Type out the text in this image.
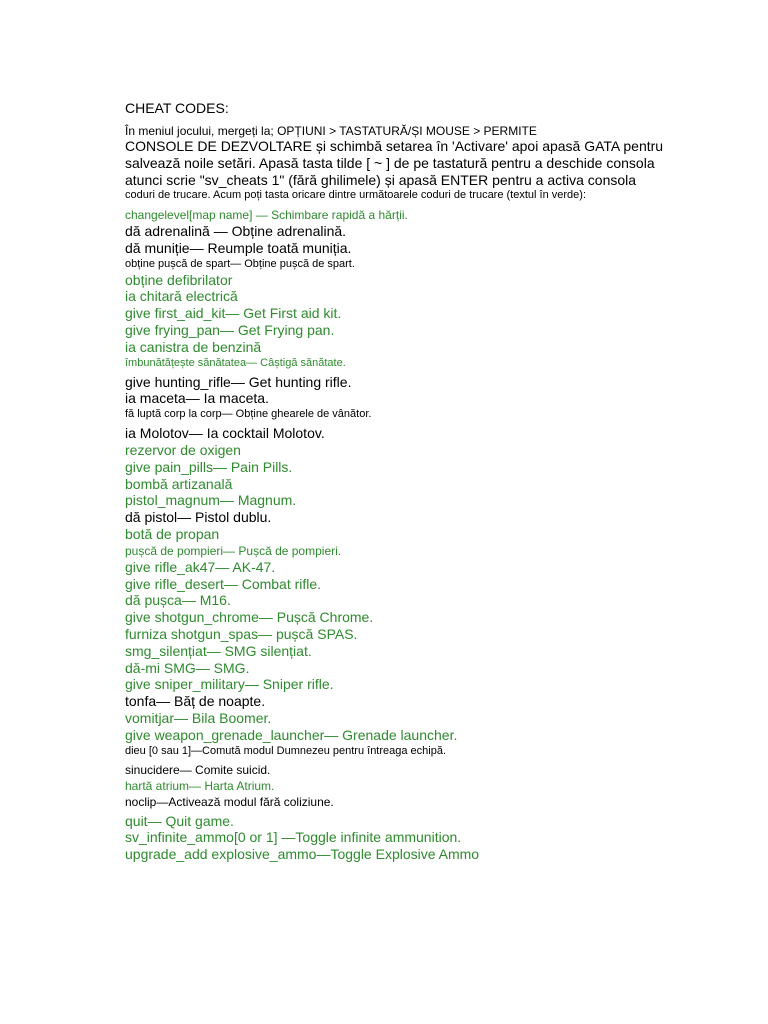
CHEAT CODES:
În meniul jocului, mergeți la; OPȚIUNI > TASTATURĂ/ȘI MOUSE > PERMITE
CONSOLE DE DEZVOLTARE și schimbă setarea în 'Activare' apoi apasă GATA pentru
salvează noile setări. Apasă tasta tilde [ ~ ] de pe tastatură pentru a deschide consola
atunci scrie "sv_cheats 1" (fără ghilimele) și apasă ENTER pentru a activa consola
coduri de trucare. Acum poți tasta oricare dintre următoarele coduri de trucare (textul în verde):
changelevel[map name] — Schimbare rapidă a hărții.
dă adrenalină — Obține adrenalină.
dă muniție— Reumple toată muniția.
obține pușcă de spart— Obține pușcă de spart.
obține defibrilator
ia chitară electrică
give first_aid_kit— Get First aid kit.
give frying_pan— Get Frying pan.
ia canistra de benzină
îmbunătățește sănătatea— Câștigă sănătate.
give hunting_rifle— Get hunting rifle.
ia maceta— Ia maceta.
fă luptă corp la corp— Obține ghearele de vânător.
ia Molotov— Ia cocktail Molotov.
rezervor de oxigen
give pain_pills— Pain Pills.
bombă artizanală
pistol_magnum— Magnum.
dă pistol— Pistol dublu.
botă de propan
pușcă de pompieri— Pușcă de pompieri.
give rifle_ak47— AK-47.
give rifle_desert— Combat rifle.
dă pușca— M16.
give shotgun_chrome— Pușcă Chrome.
furniza shotgun_spas— pușcă SPAS.
smg_silențiat— SMG silențiat.
dă-mi SMG— SMG.
give sniper_military— Sniper rifle.
tonfa— Băț de noapte.
vomitjar— Bila Boomer.
give weapon_grenade_launcher— Grenade launcher.
dieu [0 sau 1]—Comută modul Dumnezeu pentru întreaga echipă.
sinucidere— Comite suicid.
hartă atrium— Harta Atrium.
noclip—Activează modul fără coliziune.
quit— Quit game.
sv_infinite_ammo[0 or 1] —Toggle infinite ammunition.
upgrade_add explosive_ammo—Toggle Explosive Ammo
